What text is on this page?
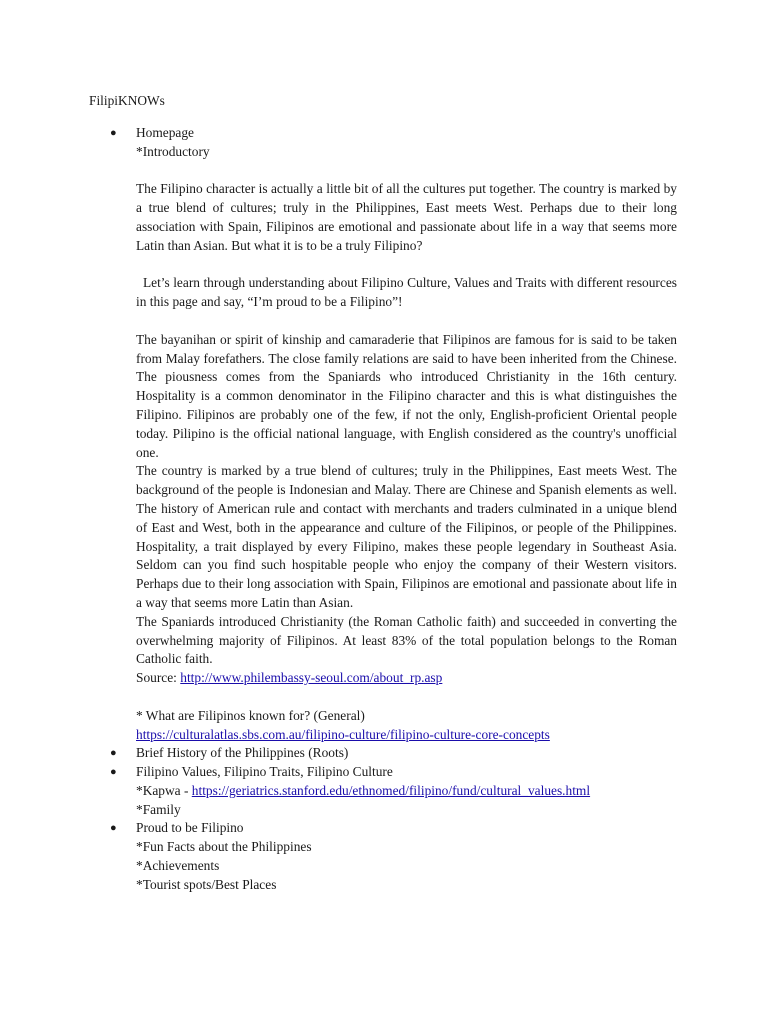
FilipiKNOWs
● Homepage
*Introductory

The Filipino character is actually a little bit of all the cultures put together. The country is marked by a true blend of cultures; truly in the Philippines, East meets West. Perhaps due to their long association with Spain, Filipinos are emotional and passionate about life in a way that seems more Latin than Asian. But what it is to be a truly Filipino?

Let’s learn through understanding about Filipino Culture, Values and Traits with different resources in this page and say, “I’m proud to be a Filipino”!

The bayanihan or spirit of kinship and camaraderie that Filipinos are famous for is said to be taken from Malay forefathers. The close family relations are said to have been inherited from the Chinese. The piousness comes from the Spaniards who introduced Christianity in the 16th century. Hospitality is a common denominator in the Filipino character and this is what distinguishes the Filipino. Filipinos are probably one of the few, if not the only, English-proficient Oriental people today. Pilipino is the official national language, with English considered as the country's unofficial one.

The country is marked by a true blend of cultures; truly in the Philippines, East meets West. The background of the people is Indonesian and Malay. There are Chinese and Spanish elements as well. The history of American rule and contact with merchants and traders culminated in a unique blend of East and West, both in the appearance and culture of the Filipinos, or people of the Philippines. Hospitality, a trait displayed by every Filipino, makes these people legendary in Southeast Asia. Seldom can you find such hospitable people who enjoy the company of their Western visitors. Perhaps due to their long association with Spain, Filipinos are emotional and passionate about life in a way that seems more Latin than Asian.

The Spaniards introduced Christianity (the Roman Catholic faith) and succeeded in converting the overwhelming majority of Filipinos. At least 83% of the total population belongs to the Roman Catholic faith.

Source: http://www.philembassy-seoul.com/about_rp.asp
* What are Filipinos known for? (General)
https://culturalatlas.sbs.com.au/filipino-culture/filipino-culture-core-concepts
● Brief History of the Philippines (Roots)
● Filipino Values, Filipino Traits, Filipino Culture
*Kapwa - https://geriatrics.stanford.edu/ethnomed/filipino/fund/cultural_values.html
*Family
● Proud to be Filipino
*Fun Facts about the Philippines
*Achievements
*Tourist spots/Best Places
